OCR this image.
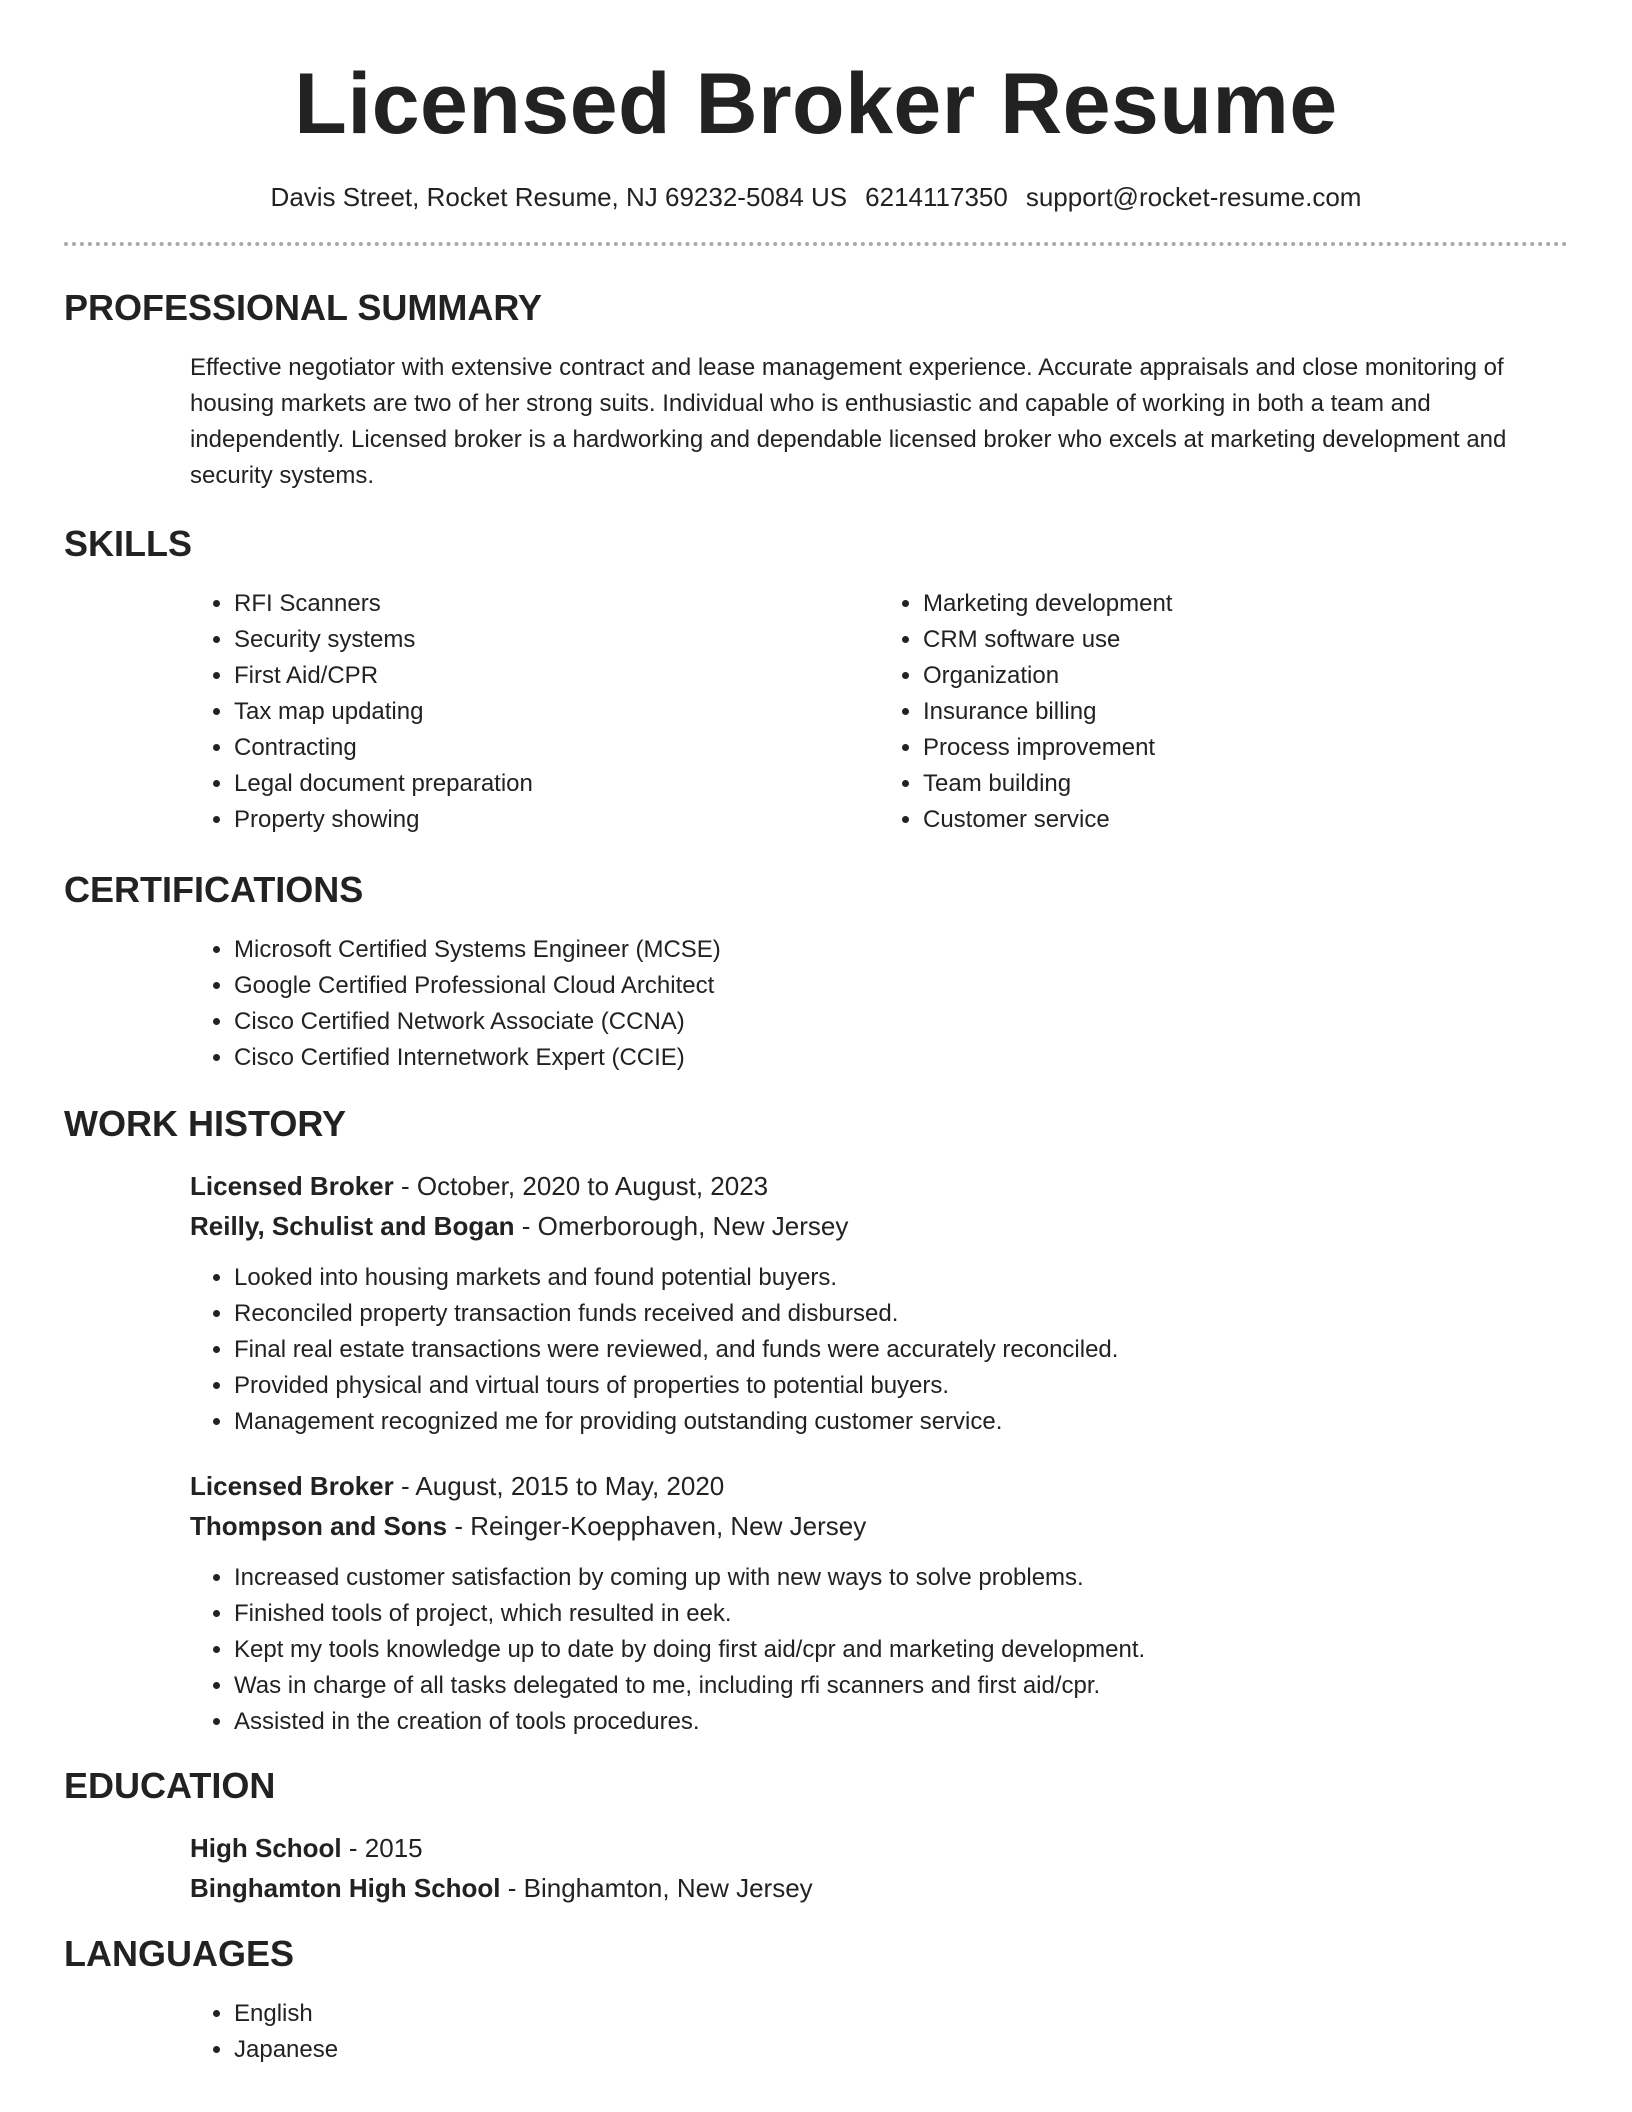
Licensed Broker Resume
Davis Street, Rocket Resume, NJ 69232-5084 US 6214117350 support@rocket-resume.com
PROFESSIONAL SUMMARY

Effective negotiator with extensive contract and lease management experience. Accurate appraisals and close monitoring of housing markets are two of her strong suits. Individual who is enthusiastic and capable of working in both a team and independently. Licensed broker is a hardworking and dependable licensed broker who excels at marketing development and security systems.

SKILLS
• RFI Scanners
• Security systems
• First Aid/CPR
• Tax map updating
• Contracting
• Legal document preparation
• Property showing
• Marketing development
• CRM software use
• Organization
• Insurance billing
• Process improvement
• Team building
• Customer service
CERTIFICATIONS
• Microsoft Certified Systems Engineer (MCSE)
• Google Certified Professional Cloud Architect
• Cisco Certified Network Associate (CCNA)
• Cisco Certified Internetwork Expert (CCIE)
WORK HISTORY

Licensed Broker - October, 2020 to August, 2023

Reilly, Schulist and Bogan - Omerborough, New Jersey

• Looked into housing markets and found potential buyers.
• Reconciled property transaction funds received and disbursed.
• Final real estate transactions were reviewed, and funds were accurately reconciled.
• Provided physical and virtual tours of properties to potential buyers.
• Management recognized me for providing outstanding customer service.

Licensed Broker - August, 2015 to May, 2020

Thompson and Sons - Reinger-Koepphaven, New Jersey

• Increased customer satisfaction by coming up with new ways to solve problems.
• Finished tools of project, which resulted in eek.
• Kept my tools knowledge up to date by doing first aid/cpr and marketing development.
• Was in charge of all tasks delegated to me, including rfi scanners and first aid/cpr.
• Assisted in the creation of tools procedures.
EDUCATION

High School - 2015

Binghamton High School - Binghamton, New Jersey

LANGUAGES
• English
• Japanese
